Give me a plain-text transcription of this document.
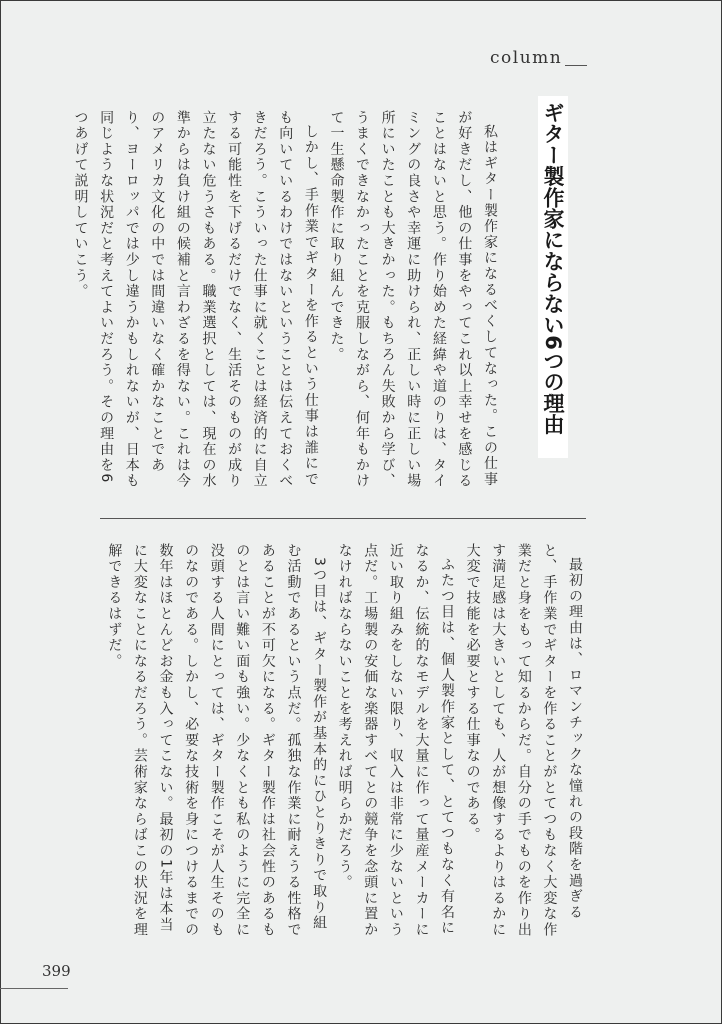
column
ギター製作家にならない6つの理由

私はギター製作家になるべくしてなった。この仕事が好きだし、他の仕事をやってこれ以上幸せを感じることはないと思う。作り始めた経緯や道のりは、タイミングの良さや幸運に助けられ、正しい時に正しい場所にいたことも大きかった。もちろん失敗から学び、うまくできなかったことを克服しながら、何年もかけて一生懸命製作に取り組んできた。

しかし、手作業でギターを作るという仕事は誰にでも向いているわけではないということは伝えておくべきだろう。こういった仕事に就くことは経済的に自立する可能性を下げるだけでなく、生活そのものが成り立たない危うさもある。職業選択としては、現在の水準からは負け組の候補と言わざるを得ない。これは今のアメリカ文化の中では間違いなく確かなことであり、ヨーロッパでは少し違うかもしれないが、日本も同じような状況だと考えてよいだろう。その理由を6つあげて説明していこう。

最初の理由は、ロマンチックな憧れの段階を過ぎると、手作業でギターを作ることがとてつもなく大変な作業だと身をもって知るからだ。自分の手でものを作り出す満足感は大きいとしても、人が想像するよりはるかに大変で技能を必要とする仕事なのである。

ふたつ目は、個人製作家として、とてつもなく有名になるか、伝統的なモデルを大量に作って量産メーカーに近い取り組みをしない限り、収入は非常に少ないという点だ。工場製の安価な楽器すべてとの競争を念頭に置かなければならないことを考えれば明らかだろう。

3つ目は、ギター製作が基本的にひとりきりで取り組む活動であるという点だ。孤独な作業に耐えうる性格であることが不可欠になる。ギター製作は社会性のあるものとは言い難い面も強い。少なくとも私のように完全に没頭する人間にとっては、ギター製作こそが人生そのものなのである。しかし、必要な技術を身につけるまでの数年はほとんどお金も入ってこない。最初の1年は本当に大変なことになるだろう。芸術家ならばこの状況を理解できるはずだ。

399
